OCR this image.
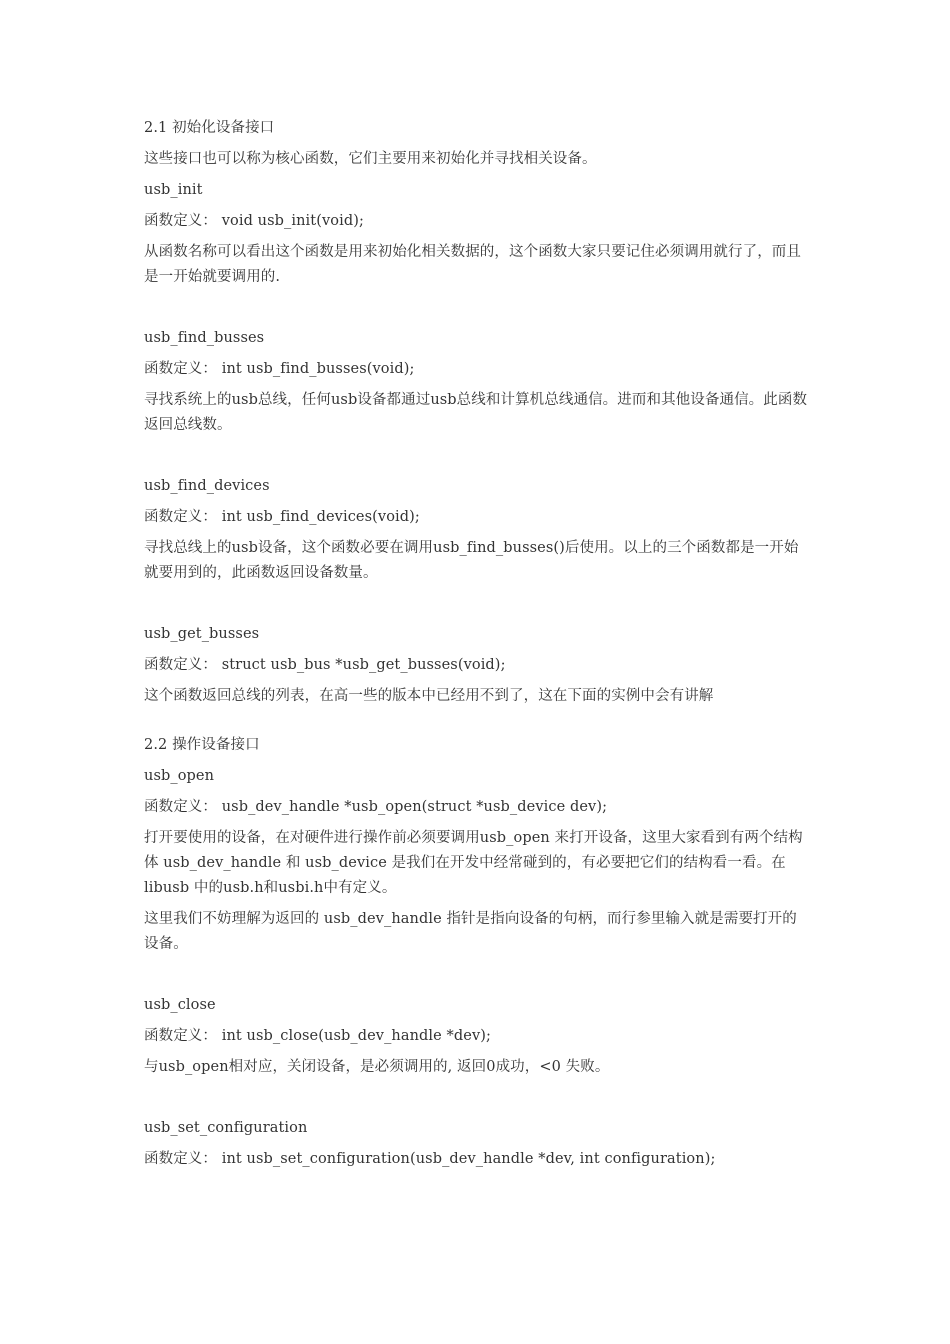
2.1 初始化设备接口
这些接口也可以称为核心函数，它们主要用来初始化并寻找相关设备。
usb_init
函数定义： void usb_init(void);
从函数名称可以看出这个函数是用来初始化相关数据的，这个函数大家只要记住必须调用就行了，而且是一开始就要调用的.
usb_find_busses
函数定义： int usb_find_busses(void);
寻找系统上的usb总线，任何usb设备都通过usb总线和计算机总线通信。进而和其他设备通信。此函数返回总线数。
usb_find_devices
函数定义： int usb_find_devices(void);
寻找总线上的usb设备，这个函数必要在调用usb_find_busses()后使用。以上的三个函数都是一开始就要用到的，此函数返回设备数量。
usb_get_busses
函数定义： struct usb_bus *usb_get_busses(void);
这个函数返回总线的列表，在高一些的版本中已经用不到了，这在下面的实例中会有讲解
2.2 操作设备接口
usb_open
函数定义： usb_dev_handle *usb_open(struct *usb_device dev);
打开要使用的设备，在对硬件进行操作前必须要调用usb_open 来打开设备，这里大家看到有两个结构体 usb_dev_handle 和 usb_device 是我们在开发中经常碰到的，有必要把它们的结构看一看。在 libusb 中的usb.h和usbi.h中有定义。
这里我们不妨理解为返回的 usb_dev_handle 指针是指向设备的句柄，而行参里输入就是需要打开的设备。
usb_close
函数定义： int usb_close(usb_dev_handle *dev);
与usb_open相对应，关闭设备，是必须调用的, 返回0成功，<0 失败。
usb_set_configuration
函数定义： int usb_set_configuration(usb_dev_handle *dev, int configuration);
